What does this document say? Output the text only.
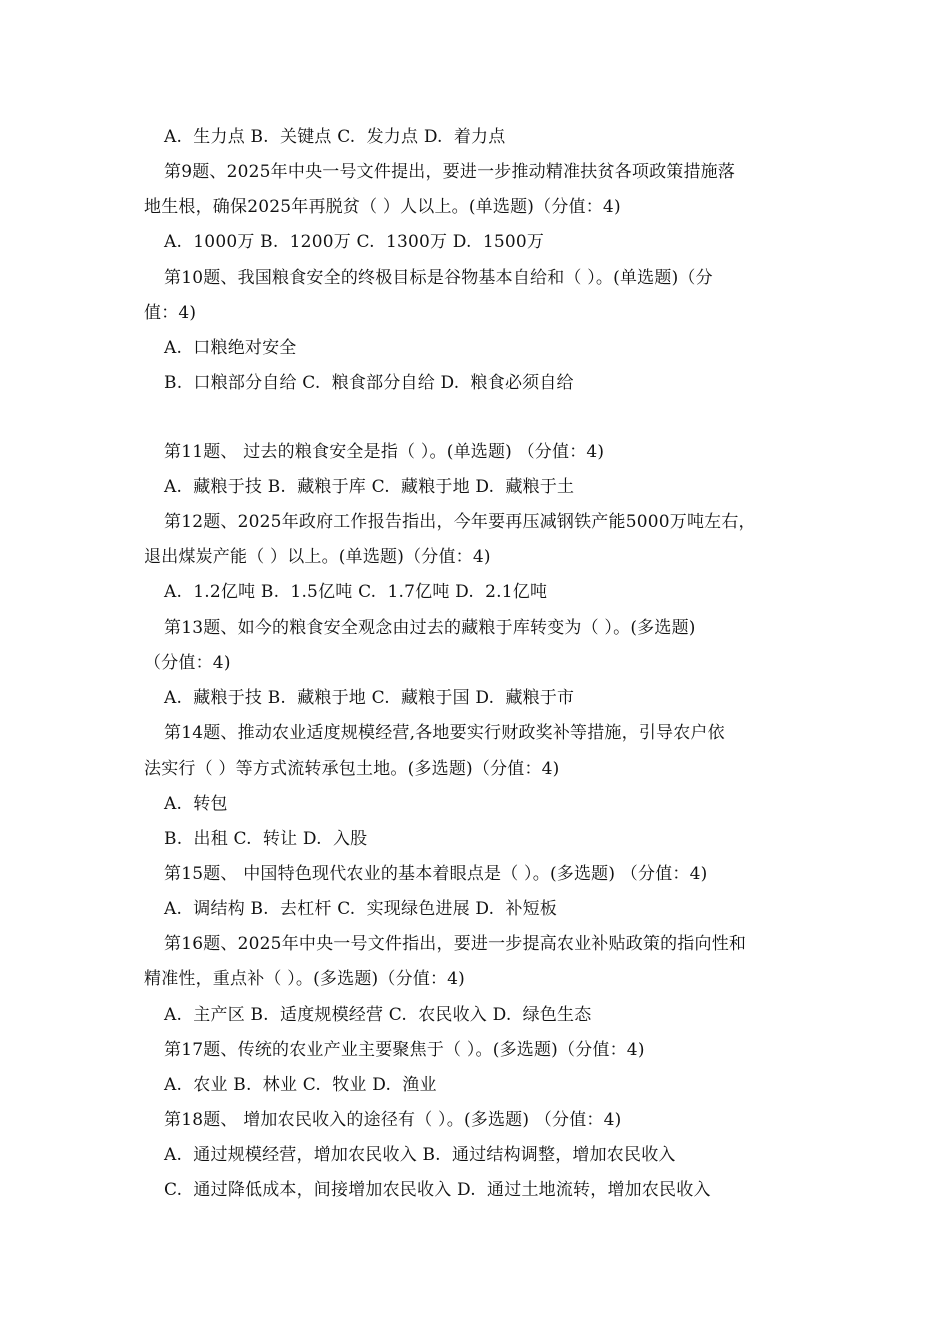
A.  生力点 B.  关键点 C.  发力点 D.  着力点
第9题、2025年中央一号文件提出，要进一步推动精准扶贫各项政策措施落
地生根，确保2025年再脱贫（ ）人以上。(单选题)（分值：4)
A.  1000万 B.  1200万 C.  1300万 D.  1500万
第10题、我国粮食安全的终极目标是谷物基本自给和（ ）。(单选题)（分
值：4)
A.  口粮绝对安全
B.  口粮部分自给 C.  粮食部分自给 D.  粮食必须自给
第11题、 过去的粮食安全是指（ ）。(单选题) （分值：4)
A.  藏粮于技 B.  藏粮于库 C.  藏粮于地 D.  藏粮于土
第12题、2025年政府工作报告指出，今年要再压减钢铁产能5000万吨左右，
退出煤炭产能（ ）以上。(单选题)（分值：4)
A.  1.2亿吨 B.  1.5亿吨 C.  1.7亿吨 D.  2.1亿吨
第13题、如今的粮食安全观念由过去的藏粮于库转变为（ ）。(多选题)
（分值：4)
A.  藏粮于技 B.  藏粮于地 C.  藏粮于国 D.  藏粮于市
第14题、推动农业适度规模经营,各地要实行财政奖补等措施，引导农户依
法实行（ ）等方式流转承包土地。(多选题)（分值：4)
A.  转包
B.  出租 C.  转让 D.  入股
第15题、 中国特色现代农业的基本着眼点是（ ）。(多选题) （分值：4)
A.  调结构 B.  去杠杆 C.  实现绿色进展 D.  补短板
第16题、2025年中央一号文件指出，要进一步提高农业补贴政策的指向性和
精准性，重点补（ ）。(多选题)（分值：4)
A.  主产区 B.  适度规模经营 C.  农民收入 D.  绿色生态
第17题、传统的农业产业主要聚焦于（ ）。(多选题)（分值：4)
A.  农业 B.  林业 C.  牧业 D.  渔业
第18题、 增加农民收入的途径有（ ）。(多选题) （分值：4)
A.  通过规模经营，增加农民收入 B.  通过结构调整，增加农民收入
C.  通过降低成本，间接增加农民收入 D.  通过土地流转，增加农民收入
